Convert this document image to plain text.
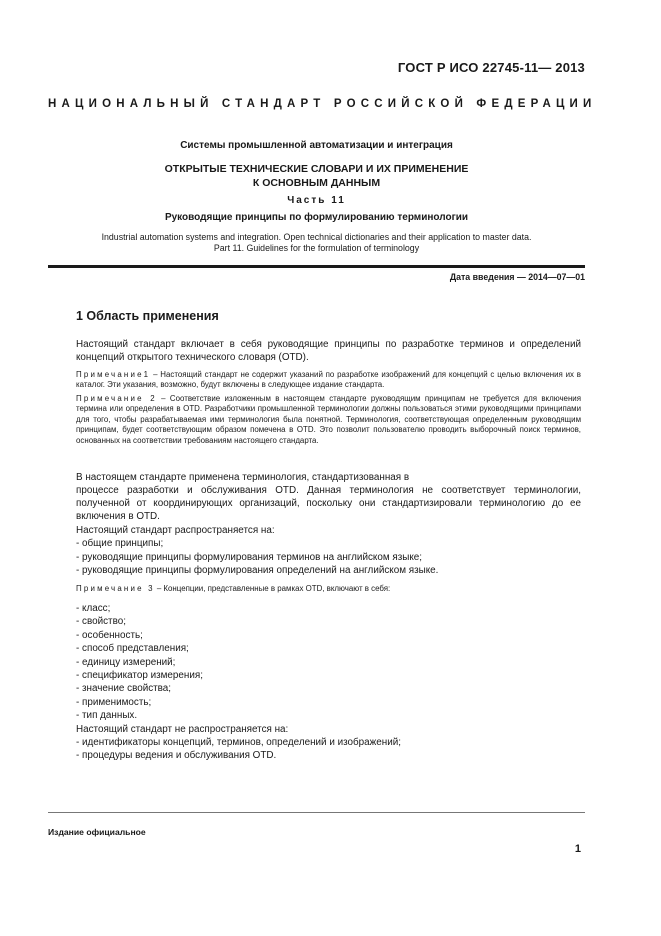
ГОСТ Р ИСО 22745-11— 2013
НАЦИОНАЛЬНЫЙ СТАНДАРТ РОССИЙСКОЙ ФЕДЕРАЦИИ
Системы промышленной автоматизации и интеграция
ОТКРЫТЫЕ ТЕХНИЧЕСКИЕ СЛОВАРИ И ИХ ПРИМЕНЕНИЕ
К ОСНОВНЫМ ДАННЫМ
Часть 11
Руководящие принципы по формулированию терминологии
Industrial automation systems and integration. Open technical dictionaries and their application to master data.
Part 11. Guidelines for the formulation of terminology
Дата введения — 2014—07—01
1 Область применения
Настоящий стандарт включает в себя руководящие принципы по разработке терминов и определений концепций открытого технического словаря (OTD).
Примечание1 – Настоящий стандарт не содержит указаний по разработке изображений для концепций с целью включения их в каталог. Эти указания, возможно, будут включены в следующее издание стандарта.
Примечание 2 – Соответствие изложенным в настоящем стандарте руководящим принципам не требуется для включения термина или определения в OTD. Разработчики промышленной терминологии должны пользоваться этими руководящими принципами для того, чтобы разрабатываемая ими терминология была понятной. Терминология, соответствующая определенным руководящим принципам, будет соответствующим образом помечена в OTD. Это позволит пользователю проводить выборочный поиск терминов, основанных на соответствии требованиям настоящего стандарта.
В настоящем стандарте применена терминология, стандартизованная в
процессе разработки и обслуживания OTD. Данная терминология не соответствует терминологии, полученной от координирующих организаций, поскольку они стандартизировали терминологию до ее включения в OTD.
Настоящий стандарт распространяется на:
- общие принципы;
- руководящие принципы формулирования терминов на английском языке;
- руководящие принципы формулирования определений на английском языке.
Примечание 3 – Концепции, представленные в рамках OTD, включают в себя:
- класс;
- свойство;
- особенность;
- способ представления;
- единицу измерений;
- спецификатор измерения;
- значение свойства;
- применимость;
- тип данных.
Настоящий стандарт не распространяется на:
- идентификаторы концепций, терминов, определений и изображений;
- процедуры ведения и обслуживания OTD.
Издание официальное
1
